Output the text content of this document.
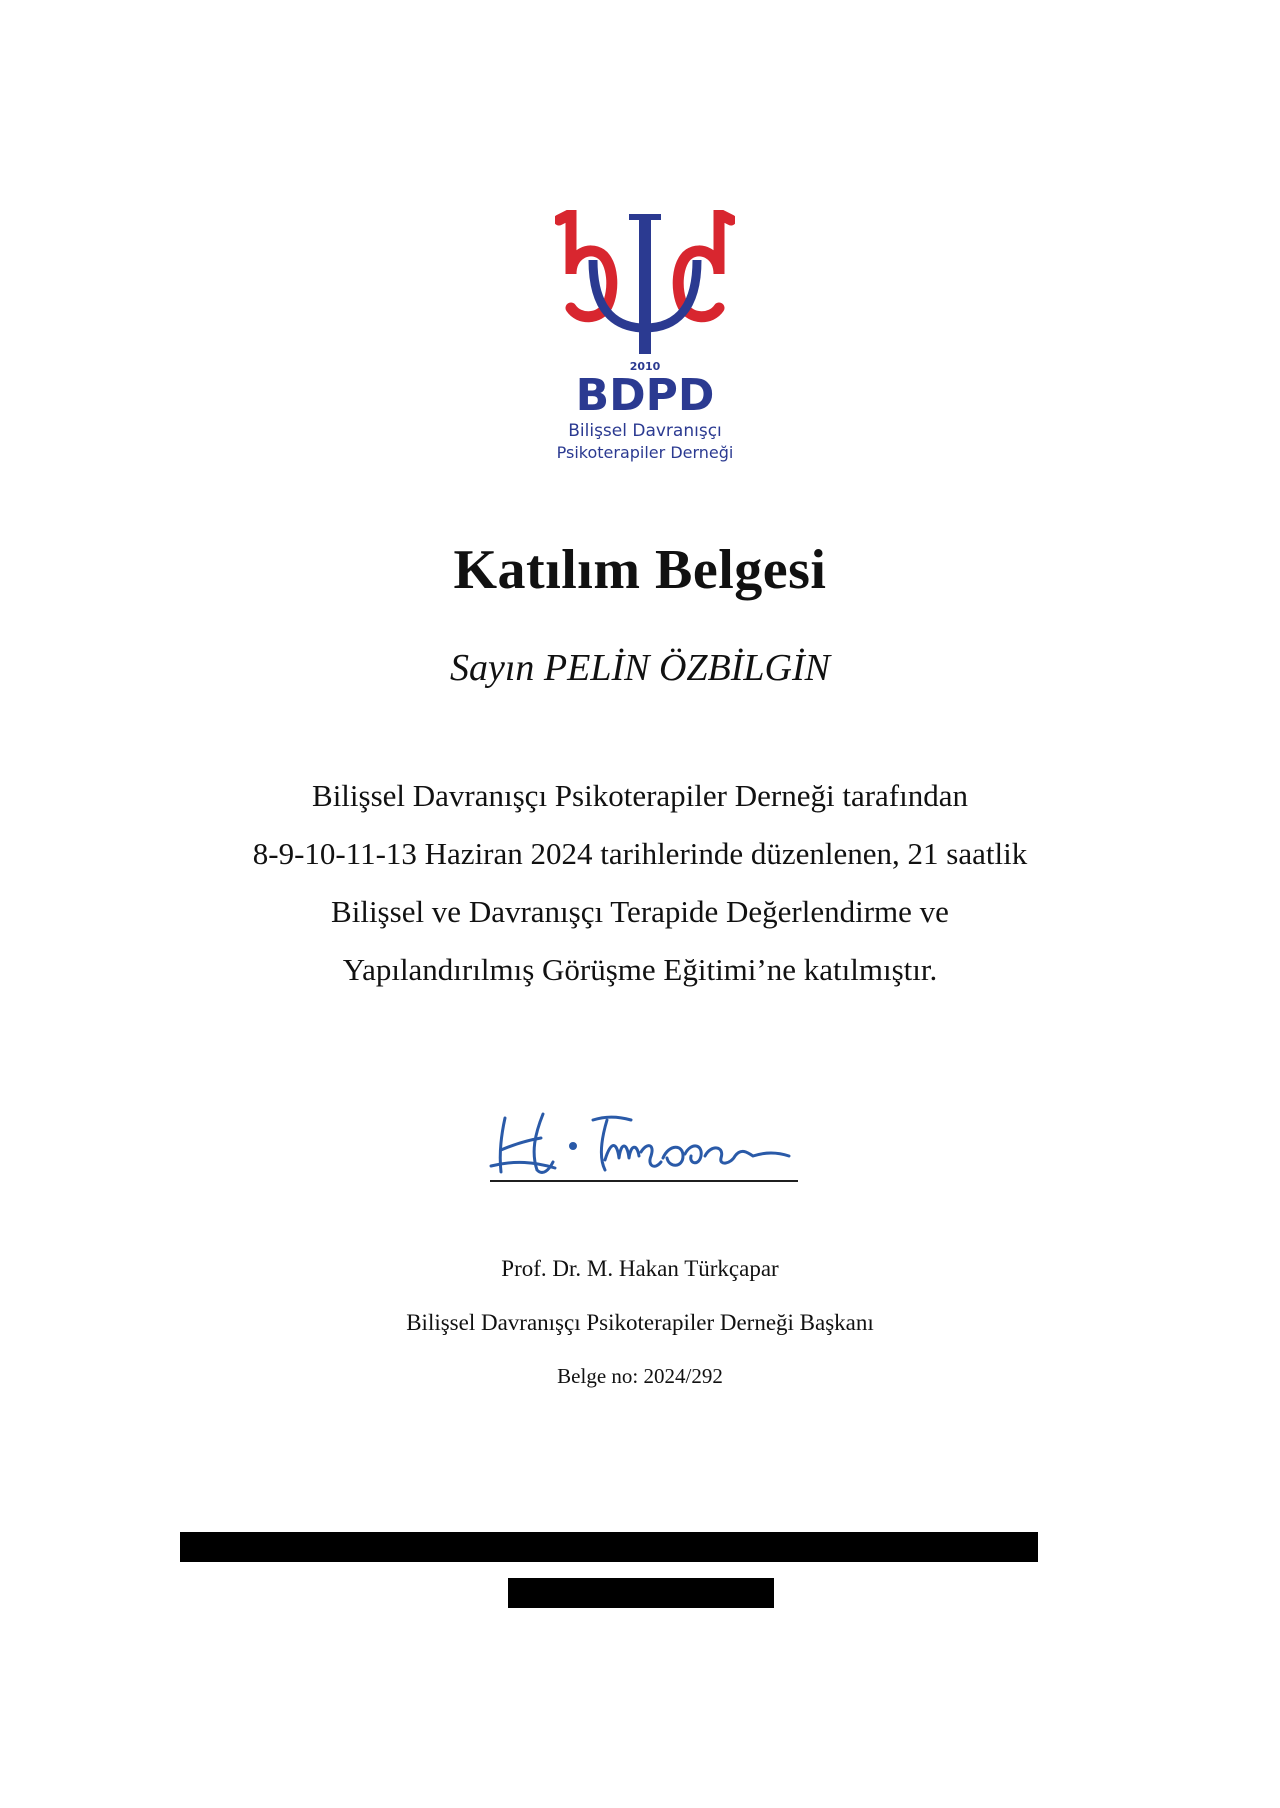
2010
BDPD
Bilişsel Davranışçı
Psikoterapiler Derneği
Katılım Belgesi
Sayın PELİN ÖZBİLGİN
Bilişsel Davranışçı Psikoterapiler Derneği tarafından
8-9-10-11-13 Haziran 2024 tarihlerinde düzenlenen, 21 saatlik
Bilişsel ve Davranışçı Terapide Değerlendirme ve
Yapılandırılmış Görüşme Eğitimi’ne katılmıştır.
Prof. Dr. M. Hakan Türkçapar
Bilişsel Davranışçı Psikoterapiler Derneği Başkanı
Belge no: 2024/292
